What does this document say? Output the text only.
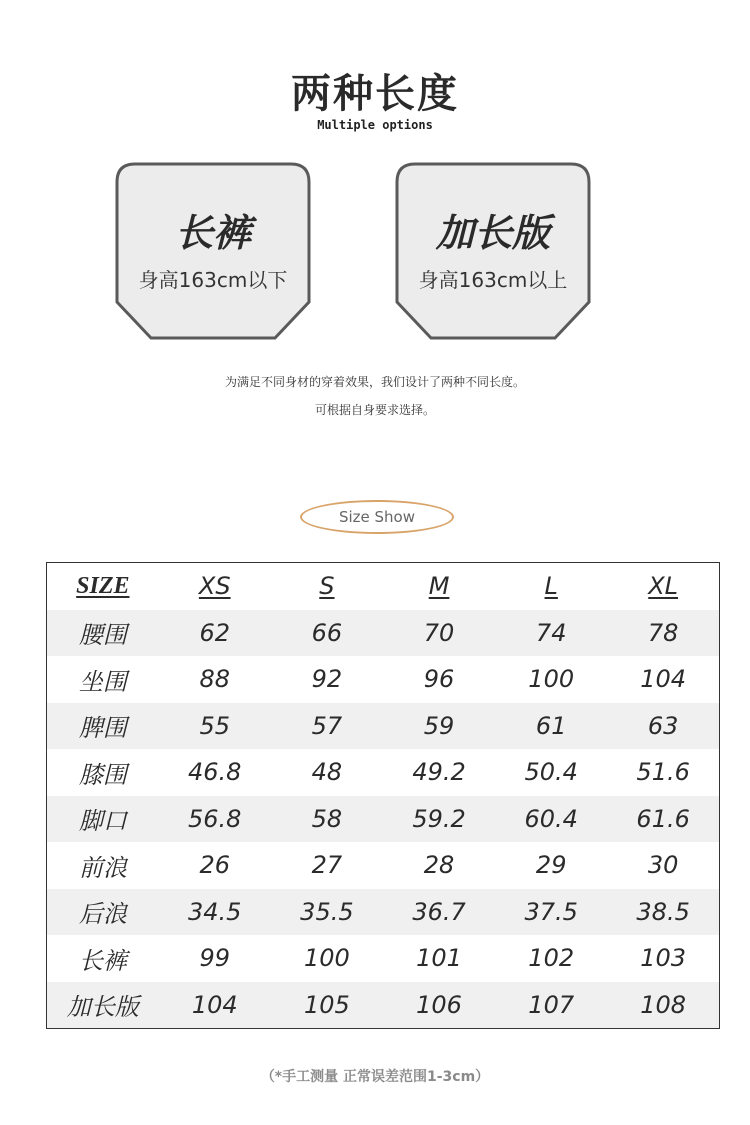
两种长度
Multiple options
长裤
身高163cm以下
加长版
身高163cm以上
为满足不同身材的穿着效果，我们设计了两种不同长度。
可根据自身要求选择。
Size Show
SIZE	XS	S	M	L	XL
腰围	62	66	70	74	78
坐围	88	92	96	100	104
脾围	55	57	59	61	63
膝围	46.8	48	49.2	50.4	51.6
脚口	56.8	58	59.2	60.4	61.6
前浪	26	27	28	29	30
后浪	34.5	35.5	36.7	37.5	38.5
长裤	99	100	101	102	103
加长版	104	105	106	107	108
（*手工测量 正常误差范围1-3cm）
